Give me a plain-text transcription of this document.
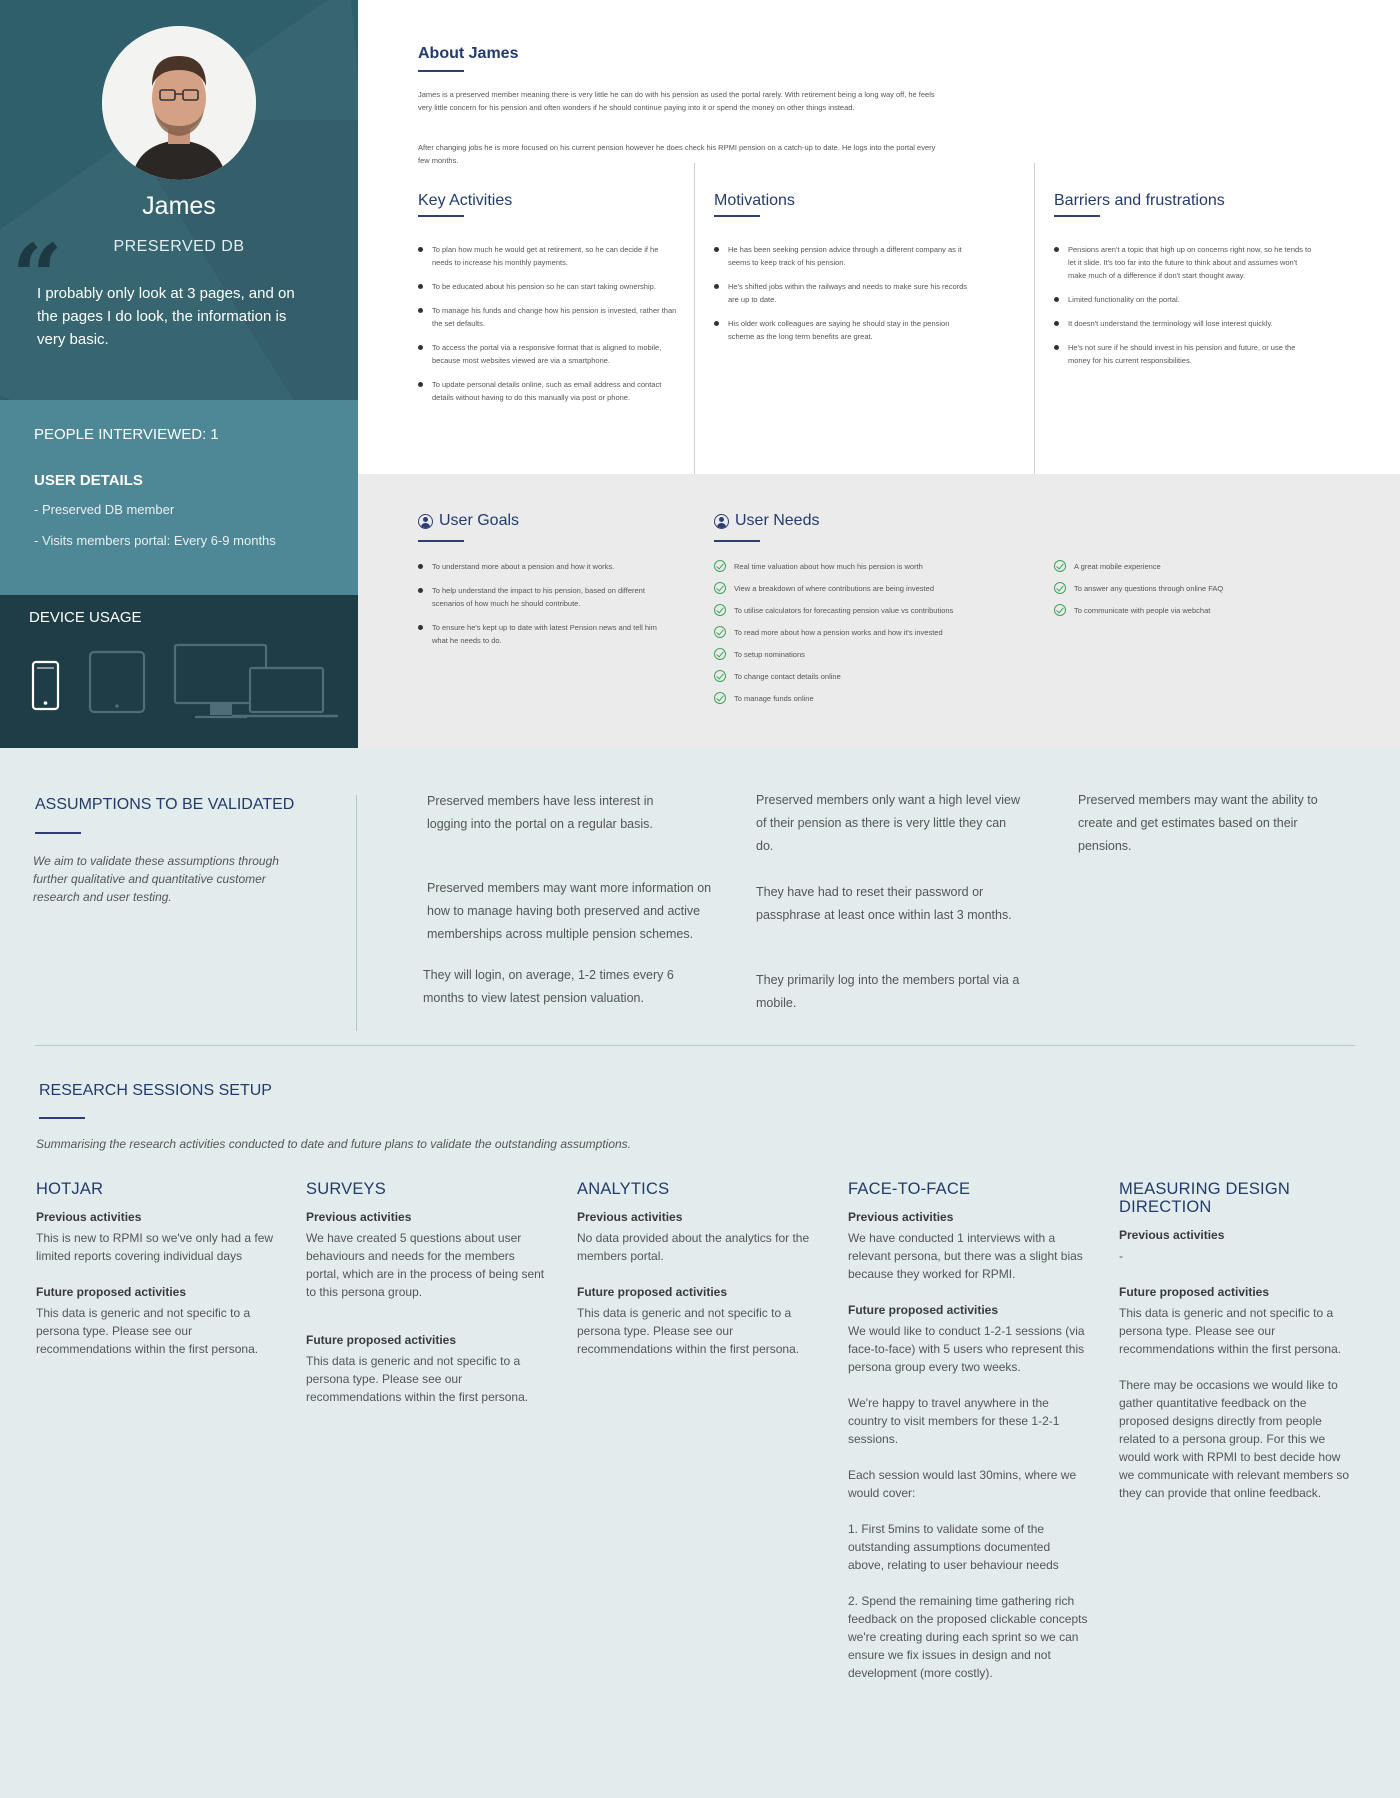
James
PRESERVED DB
“
I probably only look at 3 pages, and on the pages I do look, the information is very basic.
PEOPLE INTERVIEWED: 1
USER DETAILS
- Preserved DB member
- Visits members portal: Every 6-9 months
DEVICE USAGE
About James
James is a preserved member meaning there is very little he can do with his pension as used the portal rarely. With retirement being a long way off, he feels very little concern for his pension and often wonders if he should continue paying into it or spend the money on other things instead.
After changing jobs he is more focused on his current pension however he does check his RPMI pension on a catch-up to date. He logs into the portal every few months.
Key Activities
To plan how much he would get at retirement, so he can decide if he needs to increase his monthly payments.
To be educated about his pension so he can start taking ownership.
To manage his funds and change how his pension is invested, rather than the set defaults.
To access the portal via a responsive format that is aligned to mobile, because most websites viewed are via a smartphone.
To update personal details online, such as email address and contact details without having to do this manually via post or phone.
Motivations
He has been seeking pension advice through a different company as it seems to keep track of his pension.
He's shifted jobs within the railways and needs to make sure his records are up to date.
His older work colleagues are saying he should stay in the pension scheme as the long term benefits are great.
Barriers and frustrations
Pensions aren't a topic that high up on concerns right now, so he tends to let it slide. It's too far into the future to think about and assumes won't make much of a difference if don't start thought away.
Limited functionality on the portal.
It doesn't understand the terminology will lose interest quickly.
He's not sure if he should invest in his pension and future, or use the money for his current responsibilities.
User Goals
To understand more about a pension and how it works.
To help understand the impact to his pension, based on different scenarios of how much he should contribute.
To ensure he's kept up to date with latest Pension news and tell him what he needs to do.
User Needs
Real time valuation about how much his pension is worth
View a breakdown of where contributions are being invested
To utilise calculators for forecasting pension value vs contributions
To read more about how a pension works and how it's invested
To setup nominations
To change contact details online
To manage funds online
A great mobile experience
To answer any questions through online FAQ
To communicate with people via webchat
ASSUMPTIONS TO BE VALIDATED
We aim to validate these assumptions through further qualitative and quantitative customer research and user testing.
Preserved members have less interest in logging into the portal on a regular basis.
Preserved members may want more information on how to manage having both preserved and active memberships across multiple pension schemes.
They will login, on average, 1-2 times every 6 months to view latest pension valuation.
Preserved members only want a high level view of their pension as there is very little they can do.
They have had to reset their password or passphrase at least once within last 3 months.
They primarily log into the members portal via a mobile.
Preserved members may want the ability to create and get estimates based on their pensions.
RESEARCH SESSIONS SETUP
Summarising the research activities conducted to date and future plans to validate the outstanding assumptions.
HOTJAR
Previous activities

This is new to RPMI so we've only had a few limited reports covering individual days

Future proposed activities

This data is generic and not specific to a persona type. Please see our recommendations within the first persona.

SURVEYS
Previous activities

We have created 5 questions about user behaviours and needs for the members portal, which are in the process of being sent to this persona group.

Future proposed activities

This data is generic and not specific to a persona type. Please see our recommendations within the first persona.

ANALYTICS
Previous activities

No data provided about the analytics for the members portal.

Future proposed activities

This data is generic and not specific to a persona type. Please see our recommendations within the first persona.

FACE-TO-FACE
Previous activities

We have conducted 1 interviews with a relevant persona, but there was a slight bias because they worked for RPMI.

Future proposed activities

We would like to conduct 1-2-1 sessions (via face-to-face) with 5 users who represent this persona group every two weeks.

We're happy to travel anywhere in the country to visit members for these 1-2-1 sessions.

Each session would last 30mins, where we would cover:

1. First 5mins to validate some of the outstanding assumptions documented above, relating to user behaviour needs

2. Spend the remaining time gathering rich feedback on the proposed clickable concepts we're creating during each sprint so we can ensure we fix issues in design and not development (more costly).

MEASURING DESIGN DIRECTION
Previous activities

-

Future proposed activities

This data is generic and not specific to a persona type. Please see our recommendations within the first persona.

There may be occasions we would like to gather quantitative feedback on the proposed designs directly from people related to a persona group. For this we would work with RPMI to best decide how we communicate with relevant members so they can provide that online feedback.
